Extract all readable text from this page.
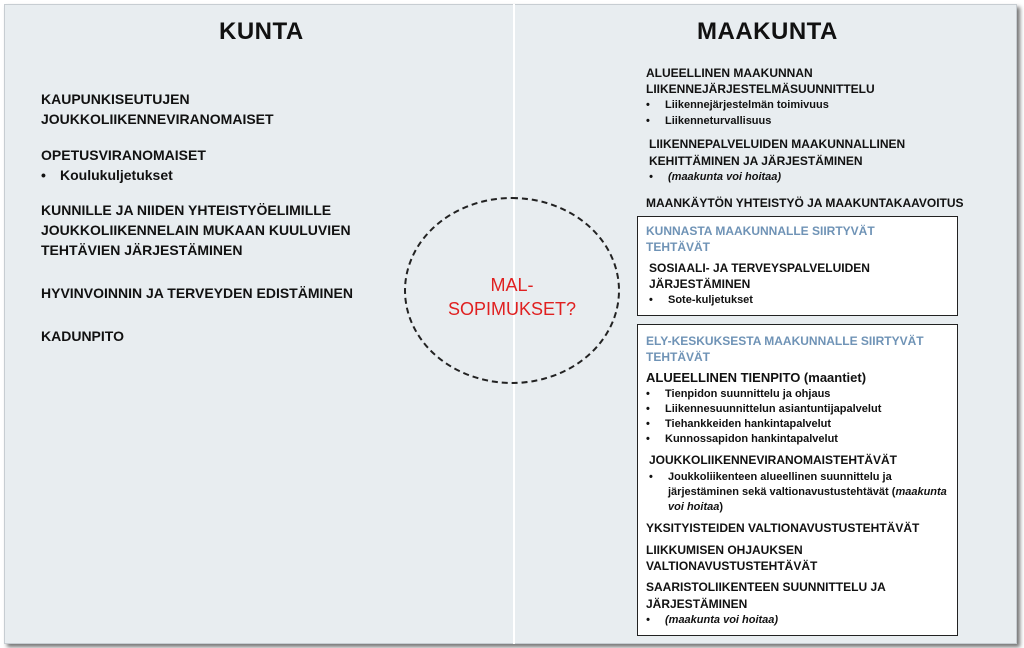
KUNTA
KAUPUNKISEUTUJEN
JOUKKOLIIKENNEVIRANOMAISET
OPETUSVIRANOMAISET
• Koulukuljetukset
KUNNILLE JA NIIDEN YHTEISTYÖELIMILLE
JOUKKOLIIKENNELAIN MUKAAN KUULUVIEN
TEHTÄVIEN JÄRJESTÄMINEN
HYVINVOINNIN JA TERVEYDEN EDISTÄMINEN
KADUNPITO
MAL-
SOPIMUKSET?
MAAKUNTA
ALUEELLINEN MAAKUNNAN
LIIKENNEJÄRJESTELMÄSUUNNITTELU
• Liikennejärjestelmän toimivuus
• Liikenneturvallisuus
LIIKENNEPALVELUIDEN MAAKUNNALLINEN
KEHITTÄMINEN JA JÄRJESTÄMINEN
• (maakunta voi hoitaa)
MAANKÄYTÖN YHTEISTYÖ JA MAAKUNTAKAAVOITUS
KUNNASTA MAAKUNNALLE SIIRTYVÄT
TEHTÄVÄT
SOSIAALI- JA TERVEYSPALVELUIDEN
JÄRJESTÄMINEN
• Sote-kuljetukset
ELY-KESKUKSESTA MAAKUNNALLE SIIRTYVÄT
TEHTÄVÄT
ALUEELLINEN TIENPITO (maantiet)
• Tienpidon suunnittelu ja ohjaus
• Liikennesuunnittelun asiantuntijapalvelut
• Tiehankkeiden hankintapalvelut
• Kunnossapidon hankintapalvelut
JOUKKOLIIKENNEVIRANOMAISTEHTÄVÄT
• Joukkoliikenteen alueellinen suunnittelu ja
järjestäminen sekä valtionavustustehtävät (maakunta
voi hoitaa)
YKSITYISTEIDEN VALTIONAVUSTUSTEHTÄVÄT
LIIKKUMISEN OHJAUKSEN
VALTIONAVUSTUSTEHTÄVÄT
SAARISTOLIIKENTEEN SUUNNITTELU JA
JÄRJESTÄMINEN
• (maakunta voi hoitaa)
